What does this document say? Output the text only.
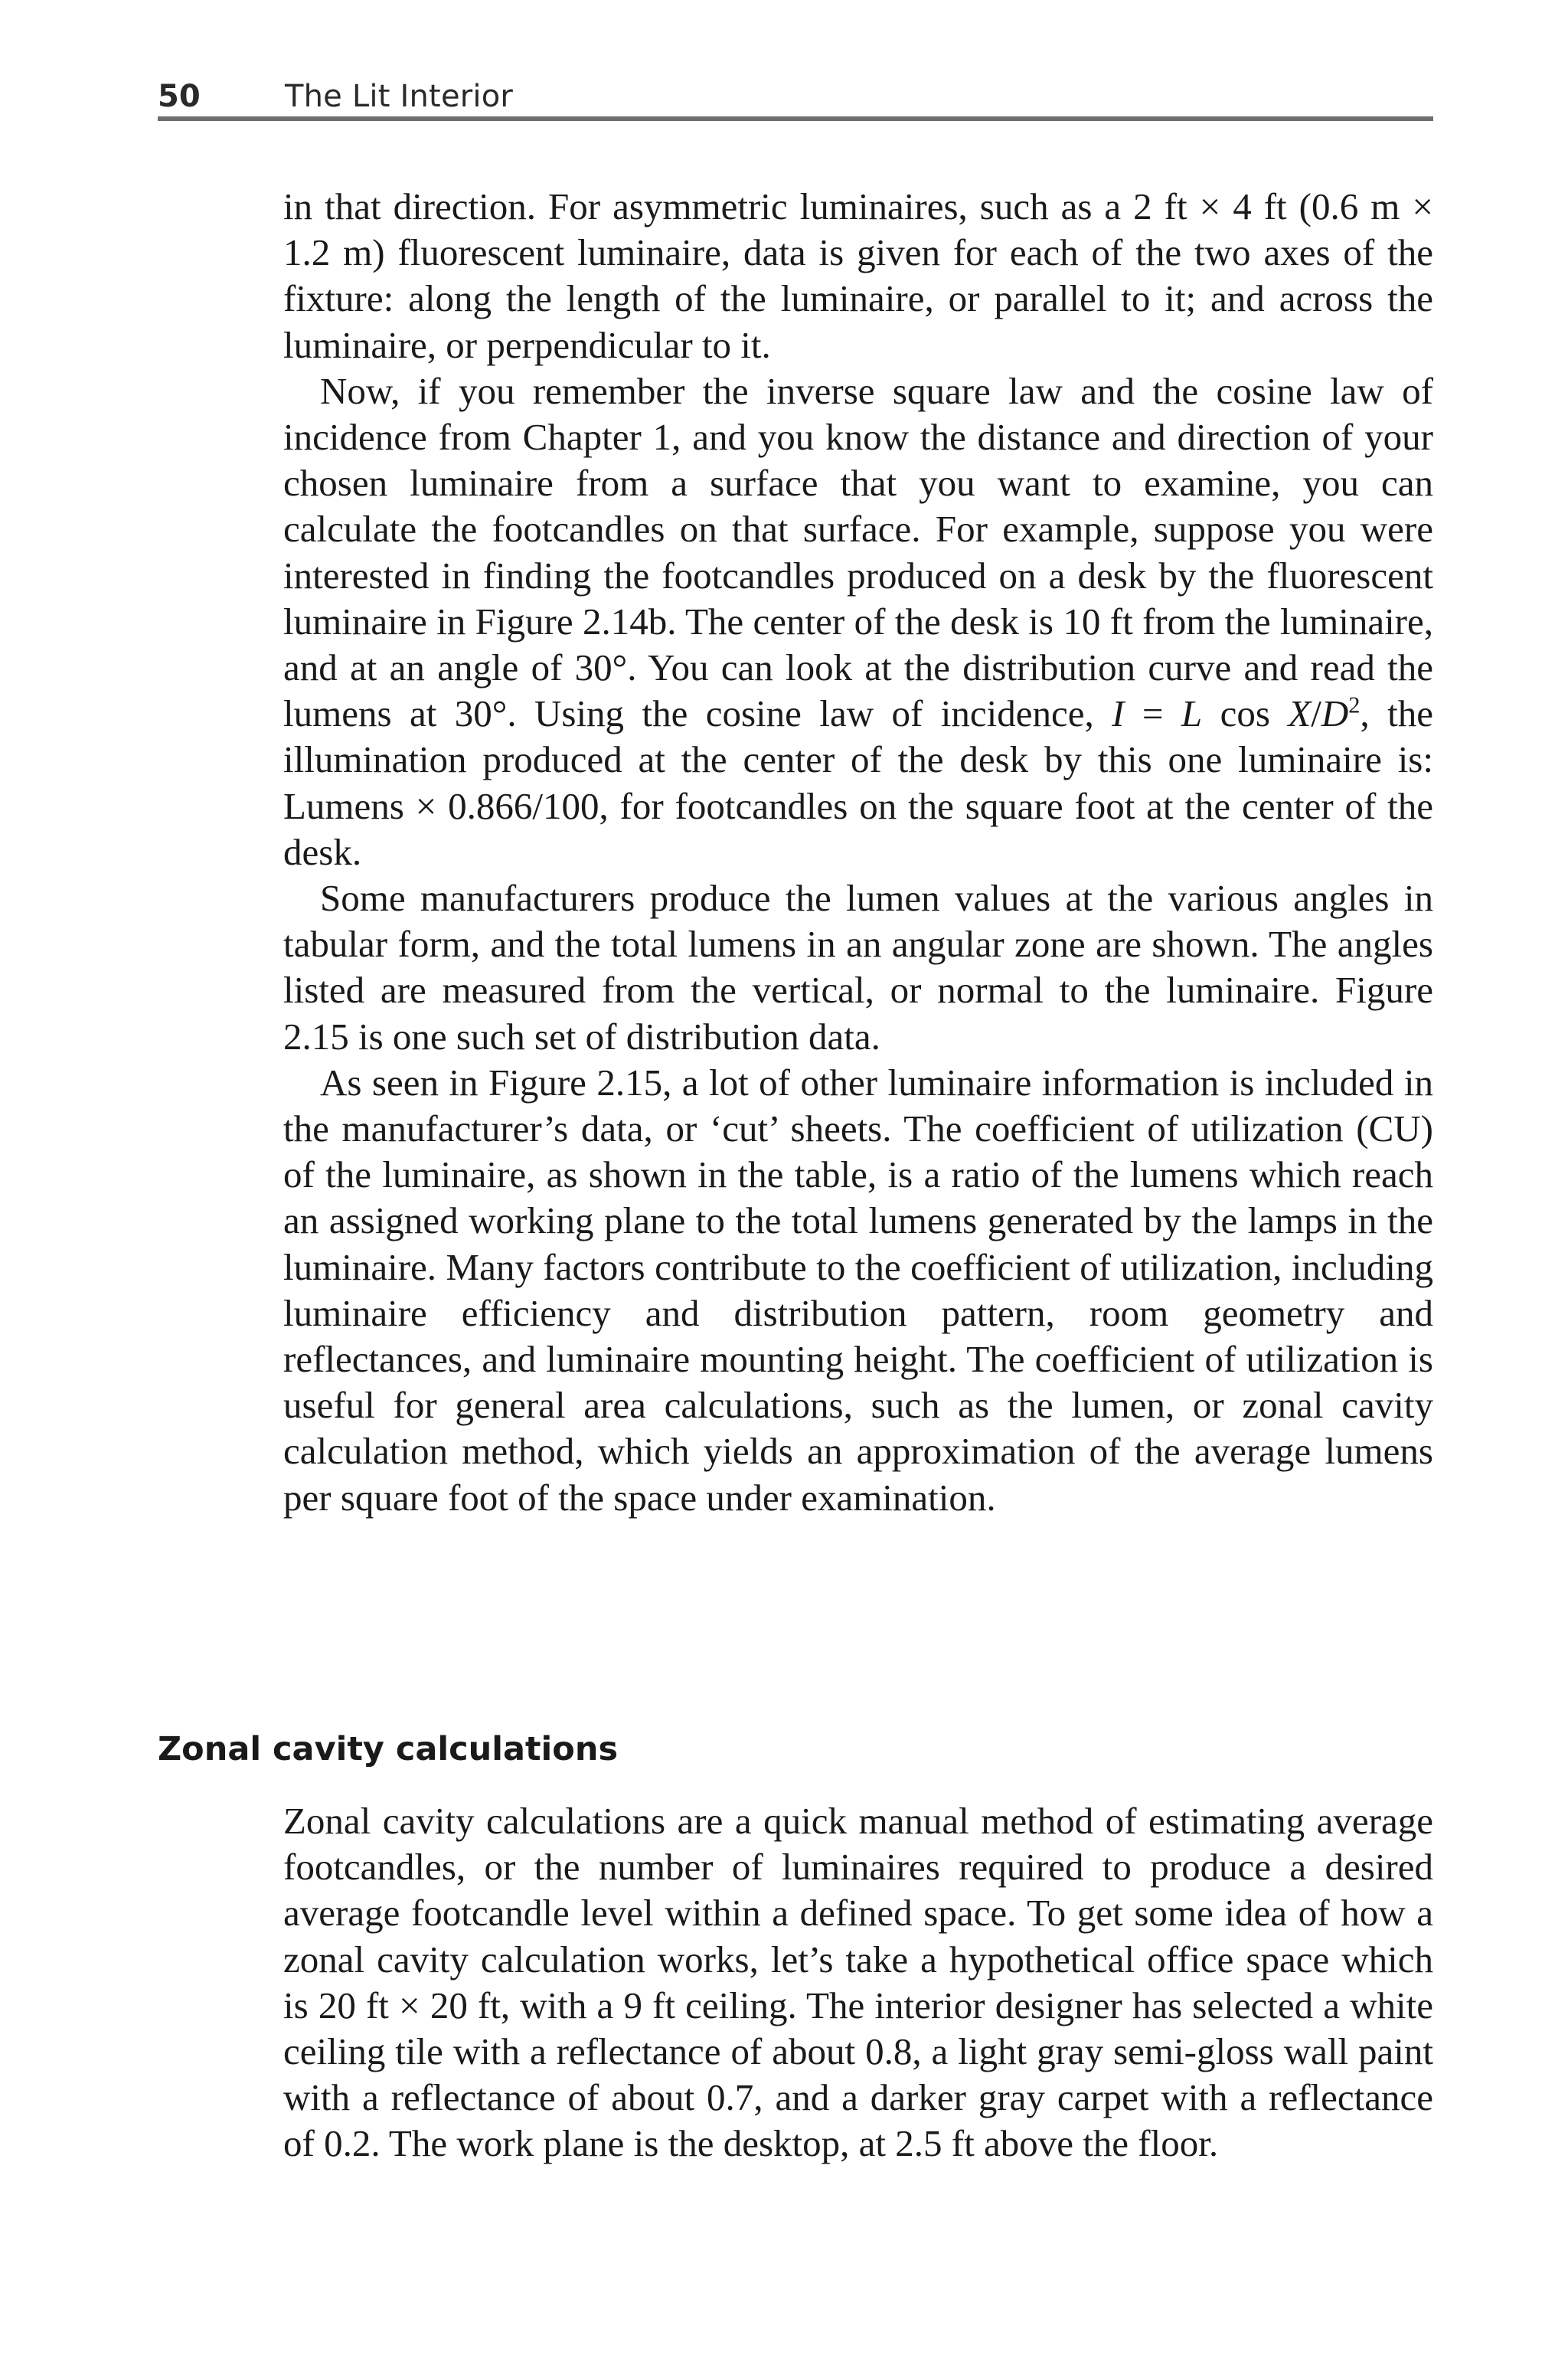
50	The Lit Interior

in that direction. For asymmetric luminaires, such as a 2 ft × 4 ft (0.6 m × 1.2 m) fluorescent luminaire, data is given for each of the two axes of the fixture: along the length of the luminaire, or parallel to it; and across the luminaire, or perpendicular to it.

Now, if you remember the inverse square law and the cosine law of incidence from Chapter 1, and you know the distance and direction of your chosen luminaire from a surface that you want to examine, you can calculate the footcandles on that surface. For example, suppose you were interested in finding the footcandles produced on a desk by the fluorescent luminaire in Figure 2.14b. The center of the desk is 10 ft from the luminaire, and at an angle of 30°. You can look at the distribution curve and read the lumens at 30°. Using the cosine law of incidence, I = L $\cos X/D^2$, the illumination produced at the center of the desk by this one luminaire is: Lumens × 0.866/100, for footcandles on the square foot at the center of the desk.

Some manufacturers produce the lumen values at the various angles in tabular form, and the total lumens in an angular zone are shown. The angles listed are measured from the vertical, or normal to the luminaire. Figure 2.15 is one such set of distribution data.

As seen in Figure 2.15, a lot of other luminaire information is included in the manufacturer’s data, or ‘cut’ sheets. The coefficient of utilization (CU) of the luminaire, as shown in the table, is a ratio of the lumens which reach an assigned working plane to the total lumens generated by the lamps in the luminaire. Many factors contribute to the coefficient of utilization, including luminaire efficiency and distribution pattern, room geometry and reflectances, and luminaire mounting height. The coefficient of utilization is useful for general area calculations, such as the lumen, or zonal cavity calculation method, which yields an approximation of the average lumens per square foot of the space under examination.

Zonal cavity calculations

Zonal cavity calculations are a quick manual method of estimating average footcandles, or the number of luminaires required to produce a desired average footcandle level within a defined space. To get some idea of how a zonal cavity calculation works, let’s take a hypothetical office space which is 20 ft × 20 ft, with a 9 ft ceiling. The interior designer has selected a white ceiling tile with a reflectance of about 0.8, a light gray semi-gloss wall paint with a reflectance of about 0.7, and a darker gray carpet with a reflectance of 0.2. The work plane is the desktop, at 2.5 ft above the floor.
